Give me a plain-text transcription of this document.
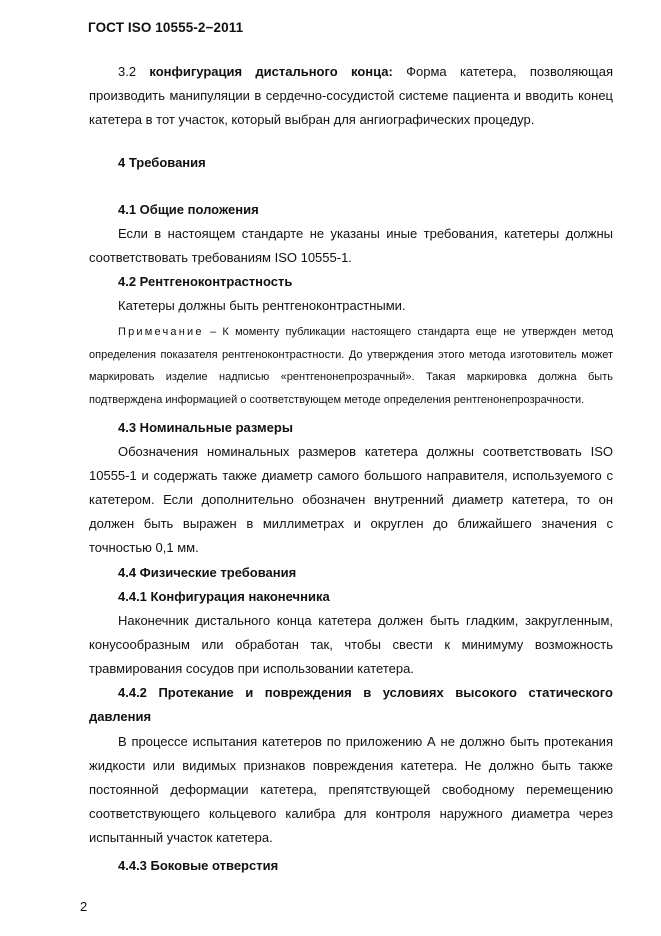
ГОСТ ISO 10555-2−2011

3.2 конфигурация дистального конца: Форма катетера, позволяющая производить манипуляции в сердечно-сосудистой системе пациента и вводить конец катетера в тот участок, который выбран для ангиографических процедур.

4 Требования
4.1 Общие положения

Если в настоящем стандарте не указаны иные требования, катетеры должны соответствовать требованиям ISO 10555-1.

4.2 Рентгеноконтрастность

Катетеры должны быть рентгеноконтрастными.

Примечание – К моменту публикации настоящего стандарта еще не утвержден метод определения показателя рентгеноконтрастности. До утверждения этого метода изготовитель может маркировать изделие надписью «рентгенонепрозрачный». Такая маркировка должна быть подтверждена информацией о соответствующем методе определения рентгенонепрозрачности.
4.3 Номинальные размеры

Обозначения номинальных размеров катетера должны соответствовать ISO 10555-1 и содержать также диаметр самого большого направителя, используемого с катетером. Если дополнительно обозначен внутренний диаметр катетера, то он должен быть выражен в миллиметрах и округлен до ближайшего значения с точностью 0,1 мм.

4.4 Физические требования
4.4.1 Конфигурация наконечника

Наконечник дистального конца катетера должен быть гладким, закругленным, конусообразным или обработан так, чтобы свести к минимуму возможность травмирования сосудов при использовании катетера.

4.4.2 Протекание и повреждения в условиях высокого статического давления

В процессе испытания катетеров по приложению А не должно быть протекания жидкости или видимых признаков повреждения катетера. Не должно быть также постоянной деформации катетера, препятствующей свободному перемещению соответствующего кольцевого калибра для контроля наружного диаметра через испытанный участок катетера.

4.4.3 Боковые отверстия
2
